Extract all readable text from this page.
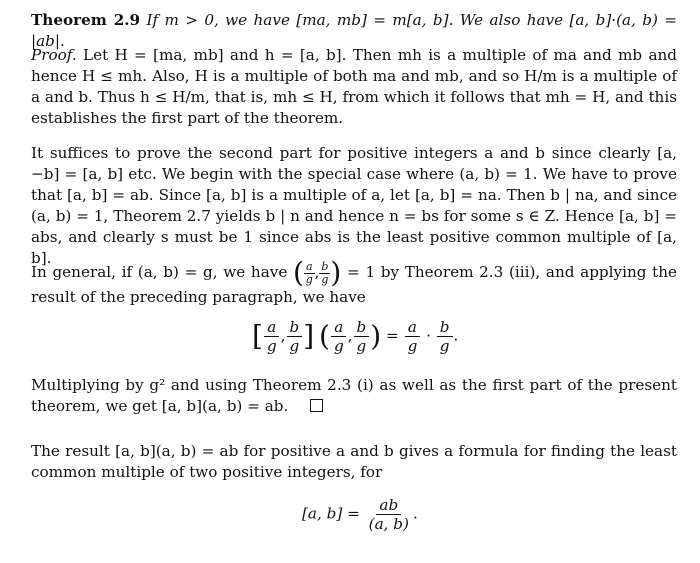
Theorem 2.9 If m > 0, we have [ma, mb] = m[a, b]. We also have [a, b]·(a, b) = |ab|.

Proof. Let H = [ma, mb] and h = [a, b]. Then mh is a multiple of ma and mb and hence H ≤ mh. Also, H is a multiple of both ma and mb, and so H/m is a multiple of a and b. Thus h ≤ H/m, that is, mh ≤ H, from which it follows that mh = H, and this establishes the first part of the theorem.

It suffices to prove the second part for positive integers a and b since clearly [a, −b] = [a, b] etc. We begin with the special case where (a, b) = 1. We have to prove that [a, b] = ab. Since [a, b] is a multiple of a, let [a, b] = na. Then b | na, and since (a, b) = 1, Theorem 2.7 yields b | n and hence n = bs for some s ∈ Z. Hence [a, b] = abs, and clearly s must be 1 since abs is the least positive common multiple of [a, b].

In general, if (a, b) = g, we have ( $\frac{a}{g}$ , $\frac{b}{g}$ ) = 1 by Theorem 2.3 (iii), and applying the result of the preceding paragraph, we have

[ $\frac{a}{g}$ , $\frac{b}{g}$ ] ( $\frac{a}{g}$ , $\frac{b}{g}$ ) = $\frac{a}{g} \cdot \frac{b}{g}$ .

Multiplying by g² and using Theorem 2.3 (i) as well as the first part of the present theorem, we get [a, b](a, b) = ab.

The result [a, b](a, b) = ab for positive a and b gives a formula for finding the least common multiple of two positive integers, for

[a, $b] = \frac{ab}{(a, b)}$ .
